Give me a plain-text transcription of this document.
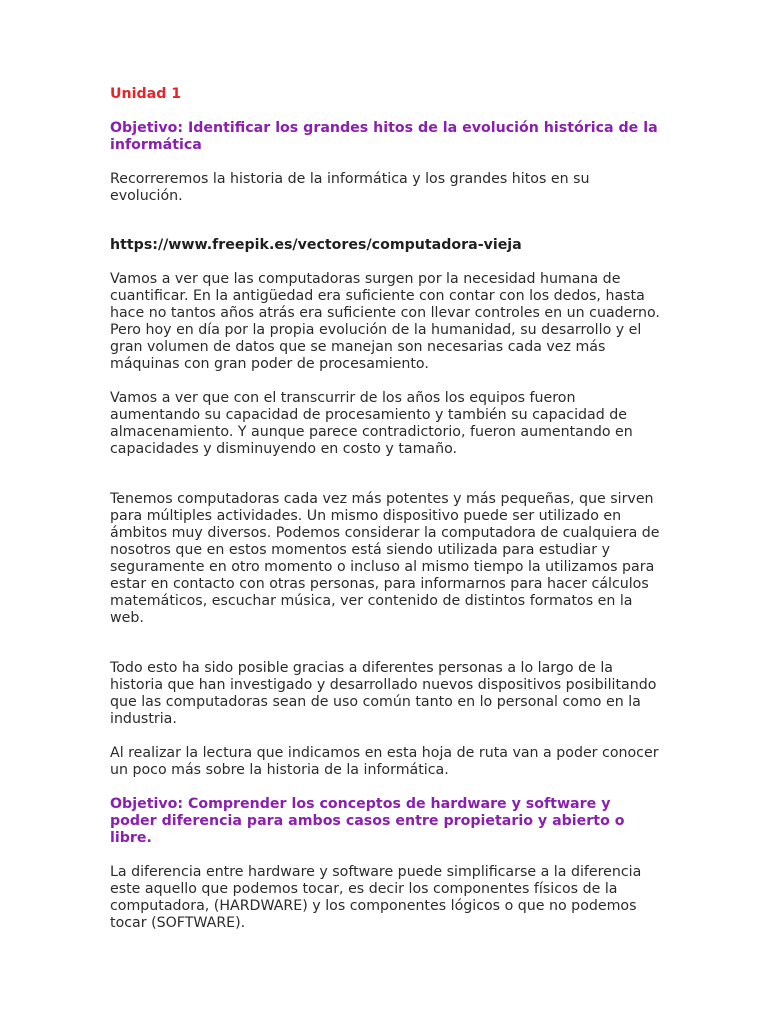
Unidad 1

Objetivo: Identificar los grandes hitos de la evolución histórica de la informática

Recorreremos la historia de la informática y los grandes hitos en su evolución.

https://www.freepik.es/vectores/computadora-vieja

Vamos a ver que las computadoras surgen por la necesidad humana de cuantificar. En la antigüedad era suficiente con contar con los dedos, hasta hace no tantos años atrás era suficiente con llevar controles en un cuaderno. Pero hoy en día por la propia evolución de la humanidad, su desarrollo y el gran volumen de datos que se manejan son necesarias cada vez más máquinas con gran poder de procesamiento.

Vamos a ver que con el transcurrir de los años los equipos fueron aumentando su capacidad de procesamiento y también su capacidad de almacenamiento. Y aunque parece contradictorio, fueron aumentando en capacidades y disminuyendo en costo y tamaño.

Tenemos computadoras cada vez más potentes y más pequeñas, que sirven para múltiples actividades. Un mismo dispositivo puede ser utilizado en ámbitos muy diversos. Podemos considerar la computadora de cualquiera de nosotros que en estos momentos está siendo utilizada para estudiar y seguramente en otro momento o incluso al mismo tiempo la utilizamos para estar en contacto con otras personas, para informarnos para hacer cálculos matemáticos, escuchar música, ver contenido de distintos formatos en la web.

Todo esto ha sido posible gracias a diferentes personas a lo largo de la historia que han investigado y desarrollado nuevos dispositivos posibilitando que las computadoras sean de uso común tanto en lo personal como en la industria.

Al realizar la lectura que indicamos en esta hoja de ruta van a poder conocer un poco más sobre la historia de la informática.

Objetivo: Comprender los conceptos de hardware y software y poder diferencia para ambos casos entre propietario y abierto o libre.

La diferencia entre hardware y software puede simplificarse a la diferencia este aquello que podemos tocar, es decir los componentes físicos de la computadora, (HARDWARE) y los componentes lógicos o que no podemos tocar (SOFTWARE).
